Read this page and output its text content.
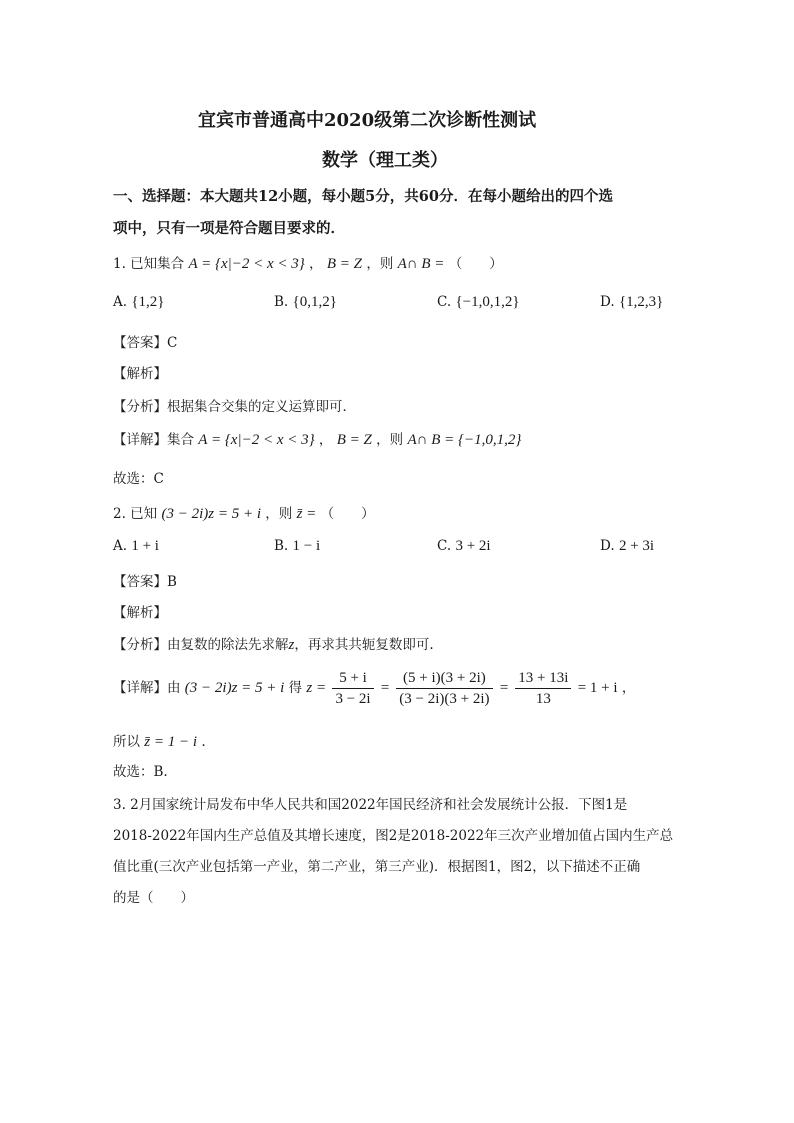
宜宾市普通高中2020级第二次诊断性测试
数学（理工类）
一、选择题：本大题共12小题，每小题5分，共60分．在每小题给出的四个选
项中，只有一项是符合题目要求的．
1. 已知集合 A = {x|−2 < x < 3} ， B = Z ，则 A∩ B = （　　）
A. {1,2}	B. {0,1,2}	C. {−1,0,1,2}	D. {1,2,3}
【答案】C
【解析】
【分析】根据集合交集的定义运算即可．
【详解】集合 A = {x|−2 < x < 3} ， B = Z ，则 A∩ B = {−1,0,1,2}
故选：C
2. 已知 (3 − 2i)z = 5 + i ，则 z̄ = （　　）
A. 1 + i	B. 1 − i	C. 3 + 2i	D. 2 + 3i
【答案】B
【解析】
【分析】由复数的除法先求解z，再求其共轭复数即可.
【详解】由 (3 − 2i)z = 5 + i 得 $z = \frac{5 + i}{3 - 2i} = \frac{(5 + i)(3 + 2i)}{(3 - 2i)(3 + 2i)} = \frac{13 + 13i}{13} = 1 + i$ ，
所以 z̄ = 1 − i .
故选：B.
3. 2月国家统计局发布中华人民共和国2022年国民经济和社会发展统计公报．下图1是
2018-2022年国内生产总值及其增长速度，图2是2018-2022年三次产业增加值占国内生产总
值比重(三次产业包括第一产业，第二产业，第三产业)．根据图1，图2，以下描述不正确
的是（　　）
